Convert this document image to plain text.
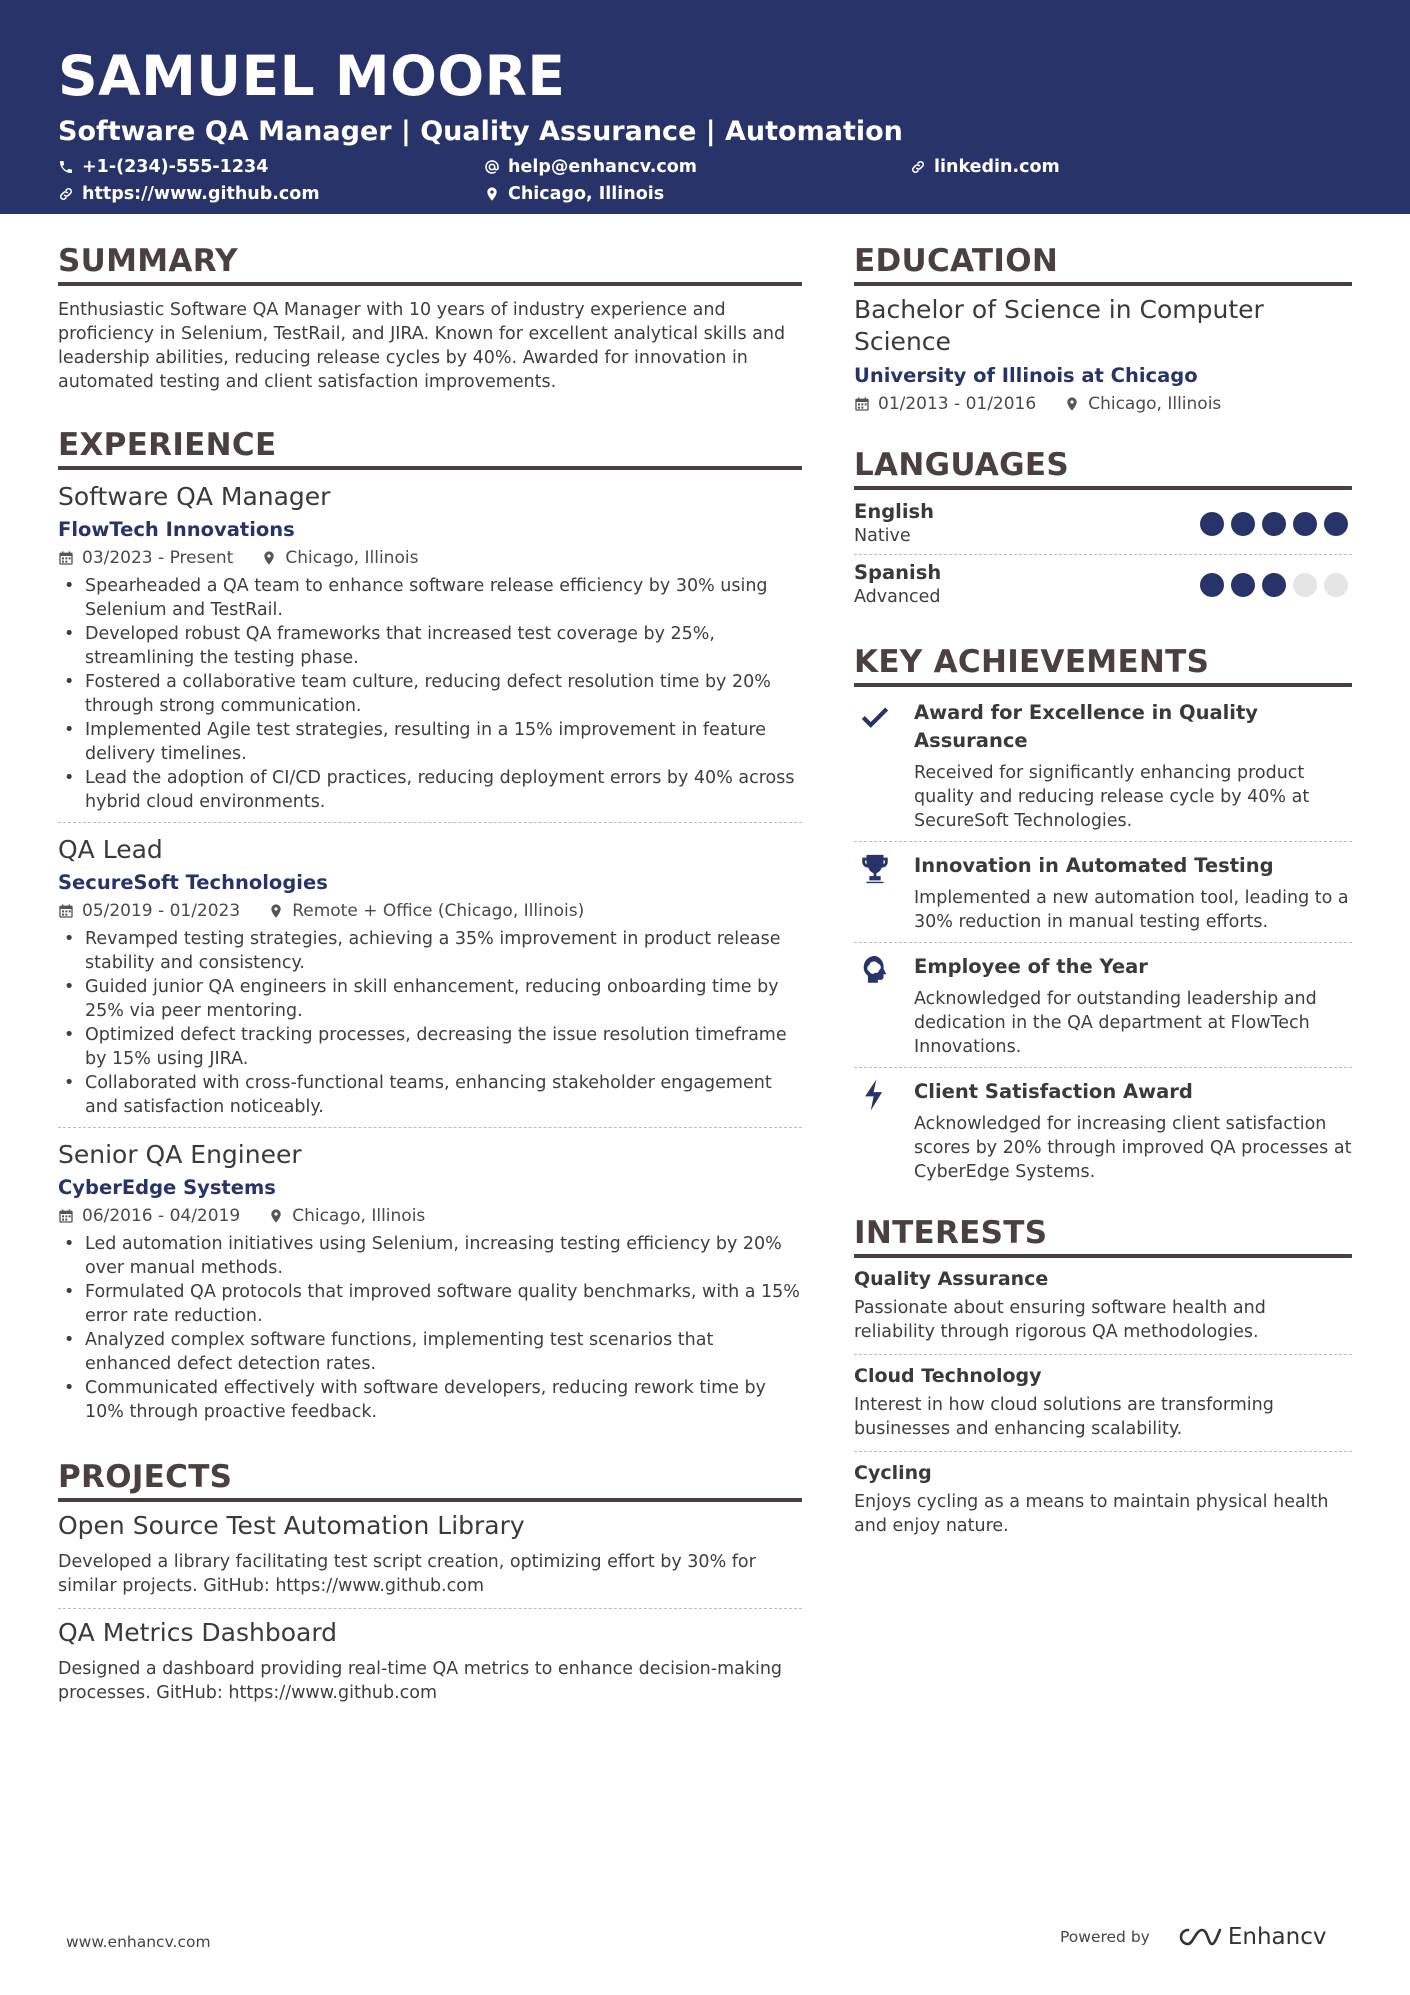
SAMUEL MOORE
Software QA Manager | Quality Assurance | Automation
+1-(234)-555-1234	help@enhancv.com	linkedin.com
https://www.github.com	Chicago, Illinois
SUMMARY
Enthusiastic Software QA Manager with 10 years of industry experience and proficiency in Selenium, TestRail, and JIRA. Known for excellent analytical skills and leadership abilities, reducing release cycles by 40%. Awarded for innovation in automated testing and client satisfaction improvements.
EXPERIENCE
Software QA Manager
FlowTech Innovations
03/2023 - Present	Chicago, Illinois
• Spearheaded a QA team to enhance software release efficiency by 30% using Selenium and TestRail.
• Developed robust QA frameworks that increased test coverage by 25%, streamlining the testing phase.
• Fostered a collaborative team culture, reducing defect resolution time by 20% through strong communication.
• Implemented Agile test strategies, resulting in a 15% improvement in feature delivery timelines.
• Lead the adoption of CI/CD practices, reducing deployment errors by 40% across hybrid cloud environments.
QA Lead
SecureSoft Technologies
05/2019 - 01/2023	Remote + Office (Chicago, Illinois)
• Revamped testing strategies, achieving a 35% improvement in product release stability and consistency.
• Guided junior QA engineers in skill enhancement, reducing onboarding time by 25% via peer mentoring.
• Optimized defect tracking processes, decreasing the issue resolution timeframe by 15% using JIRA.
• Collaborated with cross-functional teams, enhancing stakeholder engagement and satisfaction noticeably.
Senior QA Engineer
CyberEdge Systems
06/2016 - 04/2019	Chicago, Illinois
• Led automation initiatives using Selenium, increasing testing efficiency by 20% over manual methods.
• Formulated QA protocols that improved software quality benchmarks, with a 15% error rate reduction.
• Analyzed complex software functions, implementing test scenarios that enhanced defect detection rates.
• Communicated effectively with software developers, reducing rework time by 10% through proactive feedback.
PROJECTS
Open Source Test Automation Library
Developed a library facilitating test script creation, optimizing effort by 30% for similar projects. GitHub: https://www.github.com
QA Metrics Dashboard
Designed a dashboard providing real-time QA metrics to enhance decision-making processes. GitHub: https://www.github.com
EDUCATION
Bachelor of Science in Computer Science
University of Illinois at Chicago
01/2013 - 01/2016	Chicago, Illinois
LANGUAGES
English
Native
Spanish
Advanced
KEY ACHIEVEMENTS
Award for Excellence in Quality Assurance
Received for significantly enhancing product quality and reducing release cycle by 40% at SecureSoft Technologies.
Innovation in Automated Testing
Implemented a new automation tool, leading to a 30% reduction in manual testing efforts.
Employee of the Year
Acknowledged for outstanding leadership and dedication in the QA department at FlowTech Innovations.
Client Satisfaction Award
Acknowledged for increasing client satisfaction scores by 20% through improved QA processes at CyberEdge Systems.
INTERESTS
Quality Assurance
Passionate about ensuring software health and reliability through rigorous QA methodologies.
Cloud Technology
Interest in how cloud solutions are transforming businesses and enhancing scalability.
Cycling
Enjoys cycling as a means to maintain physical health and enjoy nature.
www.enhancv.com	Powered by	Enhancv
